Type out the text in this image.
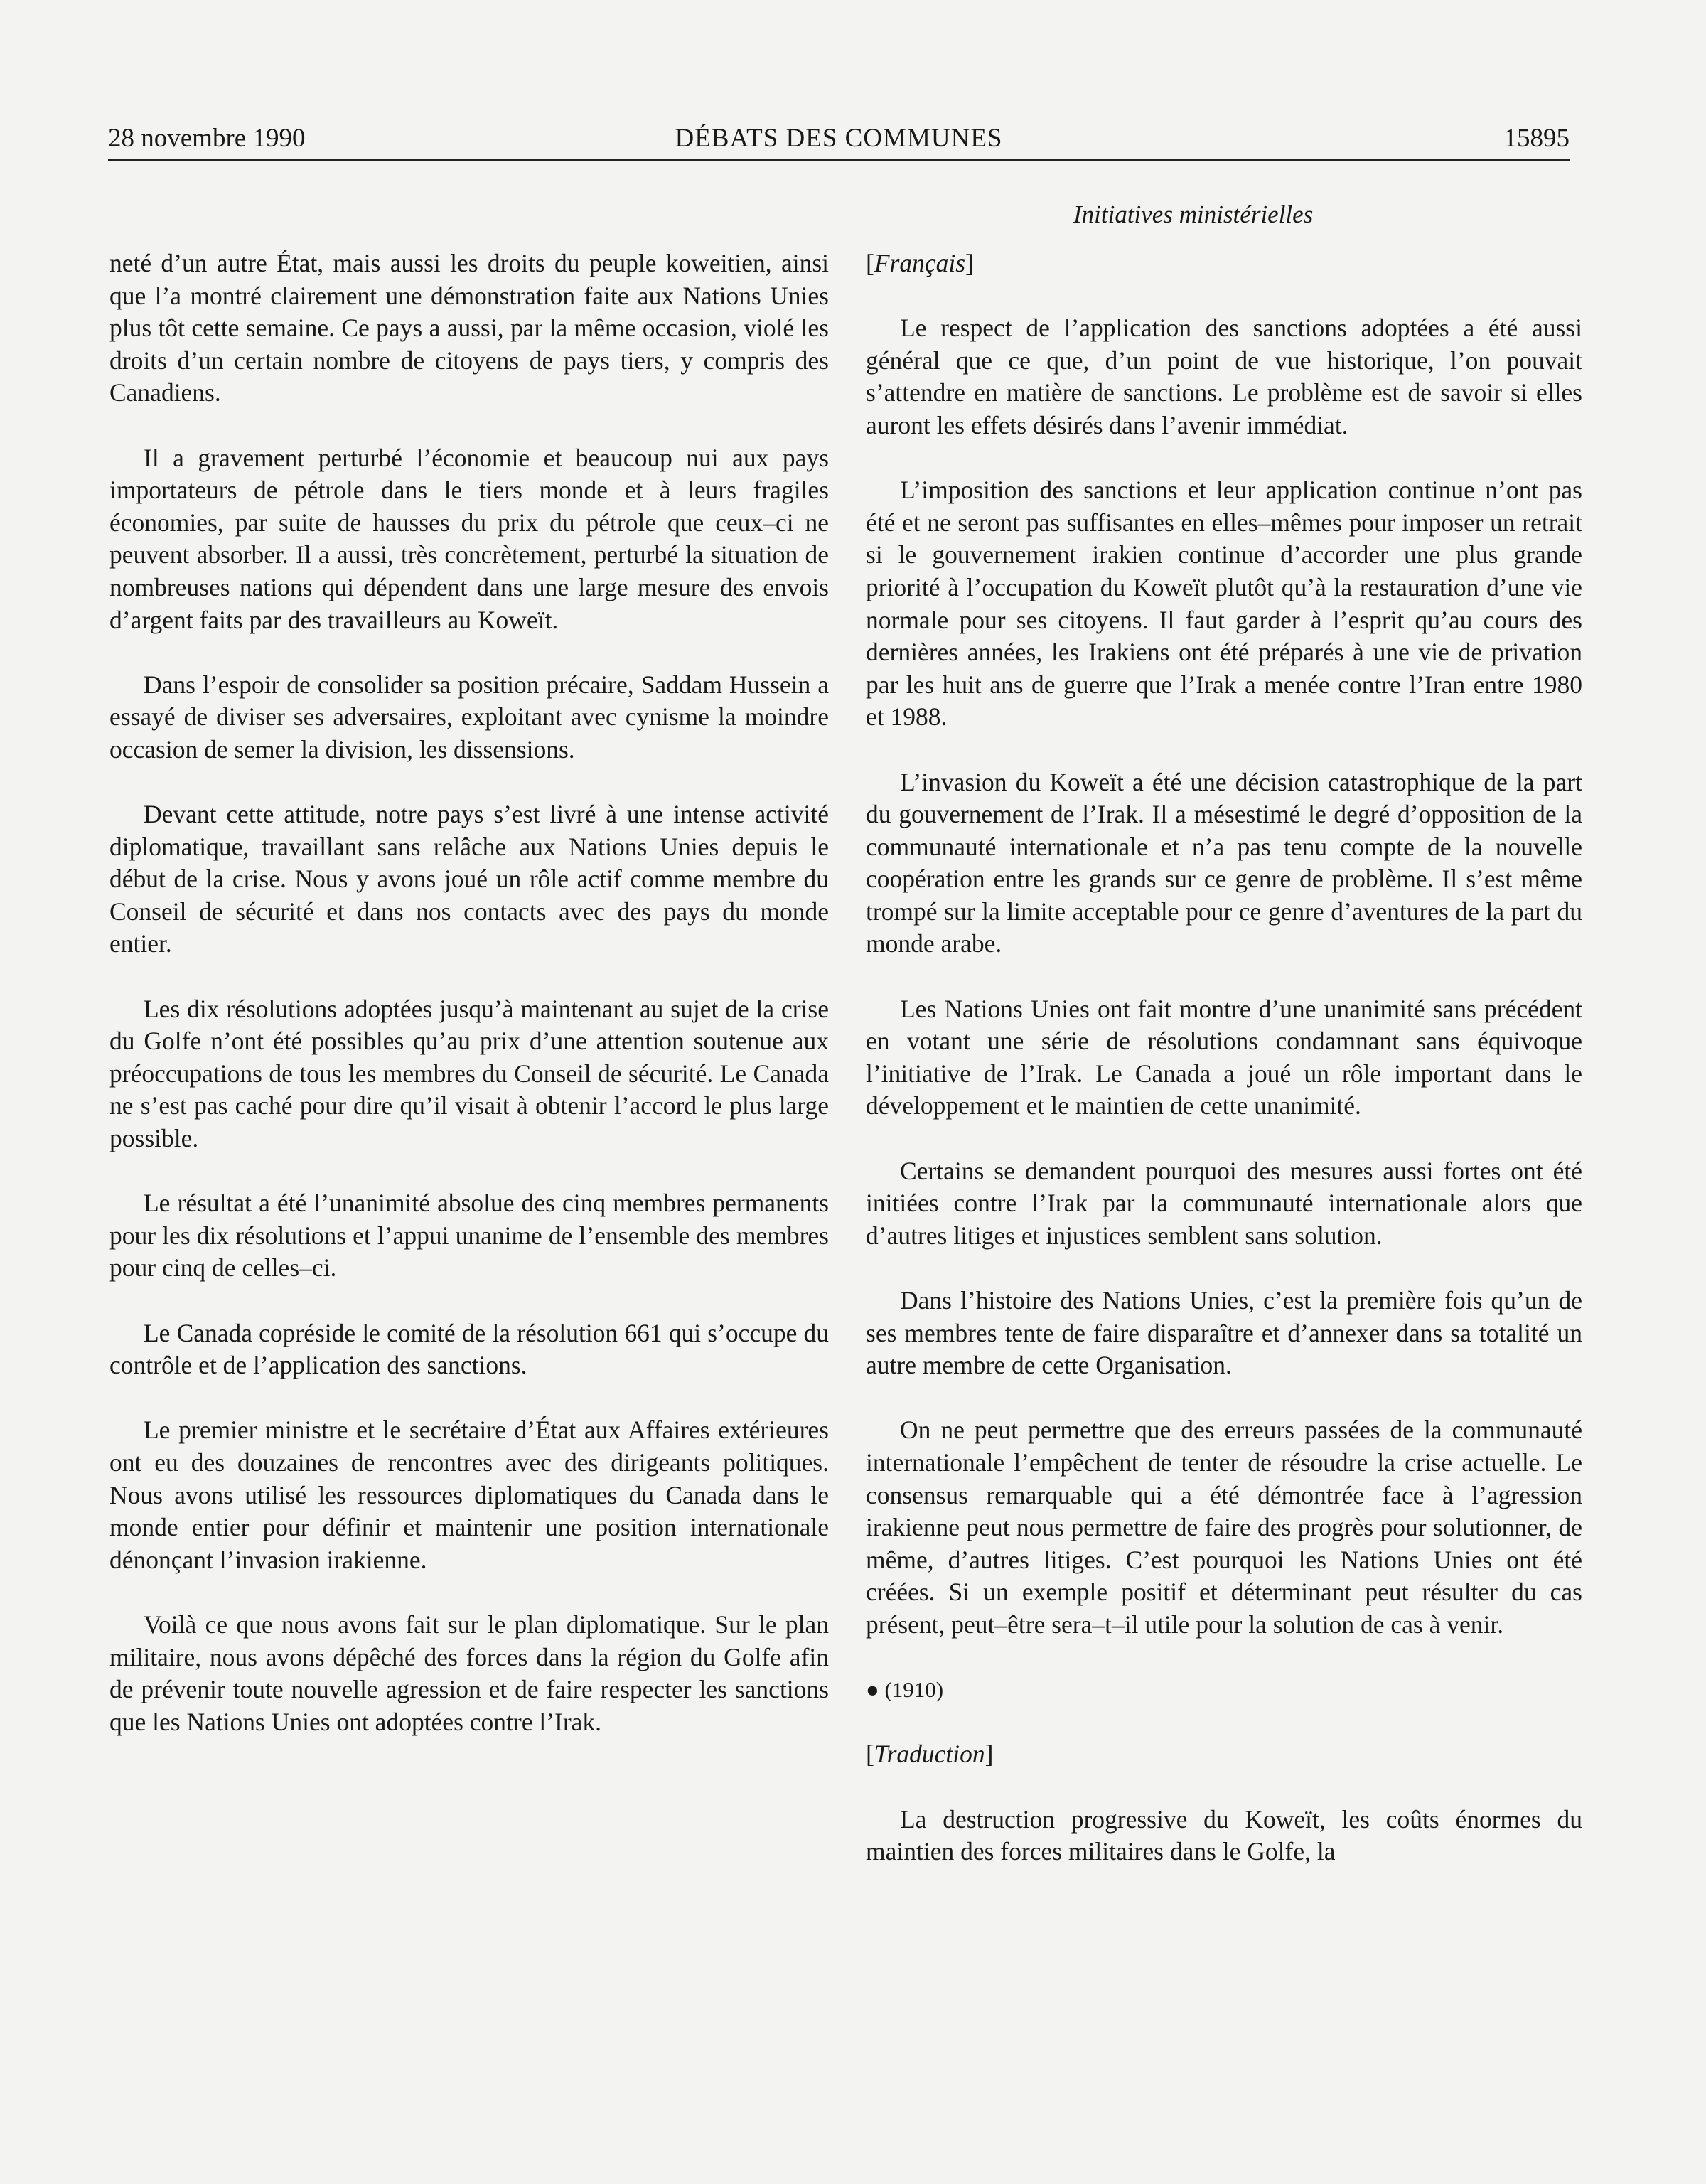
28 novembre 1990	DÉBATS DES COMMUNES	15895
Initiatives ministérielles

neté d’un autre État, mais aussi les droits du peuple koweitien, ainsi que l’a montré clairement une démonstration faite aux Nations Unies plus tôt cette semaine. Ce pays a aussi, par la même occasion, violé les droits d’un certain nombre de citoyens de pays tiers, y compris des Canadiens.

Il a gravement perturbé l’économie et beaucoup nui aux pays importateurs de pétrole dans le tiers monde et à leurs fragiles économies, par suite de hausses du prix du pétrole que ceux–ci ne peuvent absorber. Il a aussi, très concrètement, perturbé la situation de nombreuses nations qui dépendent dans une large mesure des envois d’argent faits par des travailleurs au Koweït.

Dans l’espoir de consolider sa position précaire, Saddam Hussein a essayé de diviser ses adversaires, exploitant avec cynisme la moindre occasion de semer la division, les dissensions.

Devant cette attitude, notre pays s’est livré à une intense activité diplomatique, travaillant sans relâche aux Nations Unies depuis le début de la crise. Nous y avons joué un rôle actif comme membre du Conseil de sécurité et dans nos contacts avec des pays du monde entier.

Les dix résolutions adoptées jusqu’à maintenant au sujet de la crise du Golfe n’ont été possibles qu’au prix d’une attention soutenue aux préoccupations de tous les membres du Conseil de sécurité. Le Canada ne s’est pas caché pour dire qu’il visait à obtenir l’accord le plus large possible.

Le résultat a été l’unanimité absolue des cinq membres permanents pour les dix résolutions et l’appui unanime de l’ensemble des membres pour cinq de celles–ci.

Le Canada copréside le comité de la résolution 661 qui s’occupe du contrôle et de l’application des sanctions.

Le premier ministre et le secrétaire d’État aux Affaires extérieures ont eu des douzaines de rencontres avec des dirigeants politiques. Nous avons utilisé les ressources diplomatiques du Canada dans le monde entier pour définir et maintenir une position internationale dénonçant l’invasion irakienne.

Voilà ce que nous avons fait sur le plan diplomatique. Sur le plan militaire, nous avons dépêché des forces dans la région du Golfe afin de prévenir toute nouvelle agression et de faire respecter les sanctions que les Nations Unies ont adoptées contre l’Irak.

[Français]

Le respect de l’application des sanctions adoptées a été aussi général que ce que, d’un point de vue historique, l’on pouvait s’attendre en matière de sanctions. Le problème est de savoir si elles auront les effets désirés dans l’avenir immédiat.

L’imposition des sanctions et leur application continue n’ont pas été et ne seront pas suffisantes en elles–mêmes pour imposer un retrait si le gouvernement irakien continue d’accorder une plus grande priorité à l’occupation du Koweït plutôt qu’à la restauration d’une vie normale pour ses citoyens. Il faut garder à l’esprit qu’au cours des dernières années, les Irakiens ont été préparés à une vie de privation par les huit ans de guerre que l’Irak a menée contre l’Iran entre 1980 et 1988.

L’invasion du Koweït a été une décision catastrophique de la part du gouvernement de l’Irak. Il a mésestimé le degré d’opposition de la communauté internationale et n’a pas tenu compte de la nouvelle coopération entre les grands sur ce genre de problème. Il s’est même trompé sur la limite acceptable pour ce genre d’aventures de la part du monde arabe.

Les Nations Unies ont fait montre d’une unanimité sans précédent en votant une série de résolutions condamnant sans équivoque l’initiative de l’Irak. Le Canada a joué un rôle important dans le développement et le maintien de cette unanimité.

Certains se demandent pourquoi des mesures aussi fortes ont été initiées contre l’Irak par la communauté internationale alors que d’autres litiges et injustices semblent sans solution.

Dans l’histoire des Nations Unies, c’est la première fois qu’un de ses membres tente de faire disparaître et d’annexer dans sa totalité un autre membre de cette Organisation.

On ne peut permettre que des erreurs passées de la communauté internationale l’empêchent de tenter de résoudre la crise actuelle. Le consensus remarquable qui a été démontrée face à l’agression irakienne peut nous permettre de faire des progrès pour solutionner, de même, d’autres litiges. C’est pourquoi les Nations Unies ont été créées. Si un exemple positif et déterminant peut résulter du cas présent, peut–être sera–t–il utile pour la solution de cas à venir.

● (1910)
[Traduction]

La destruction progressive du Koweït, les coûts énormes du maintien des forces militaires dans le Golfe, la
